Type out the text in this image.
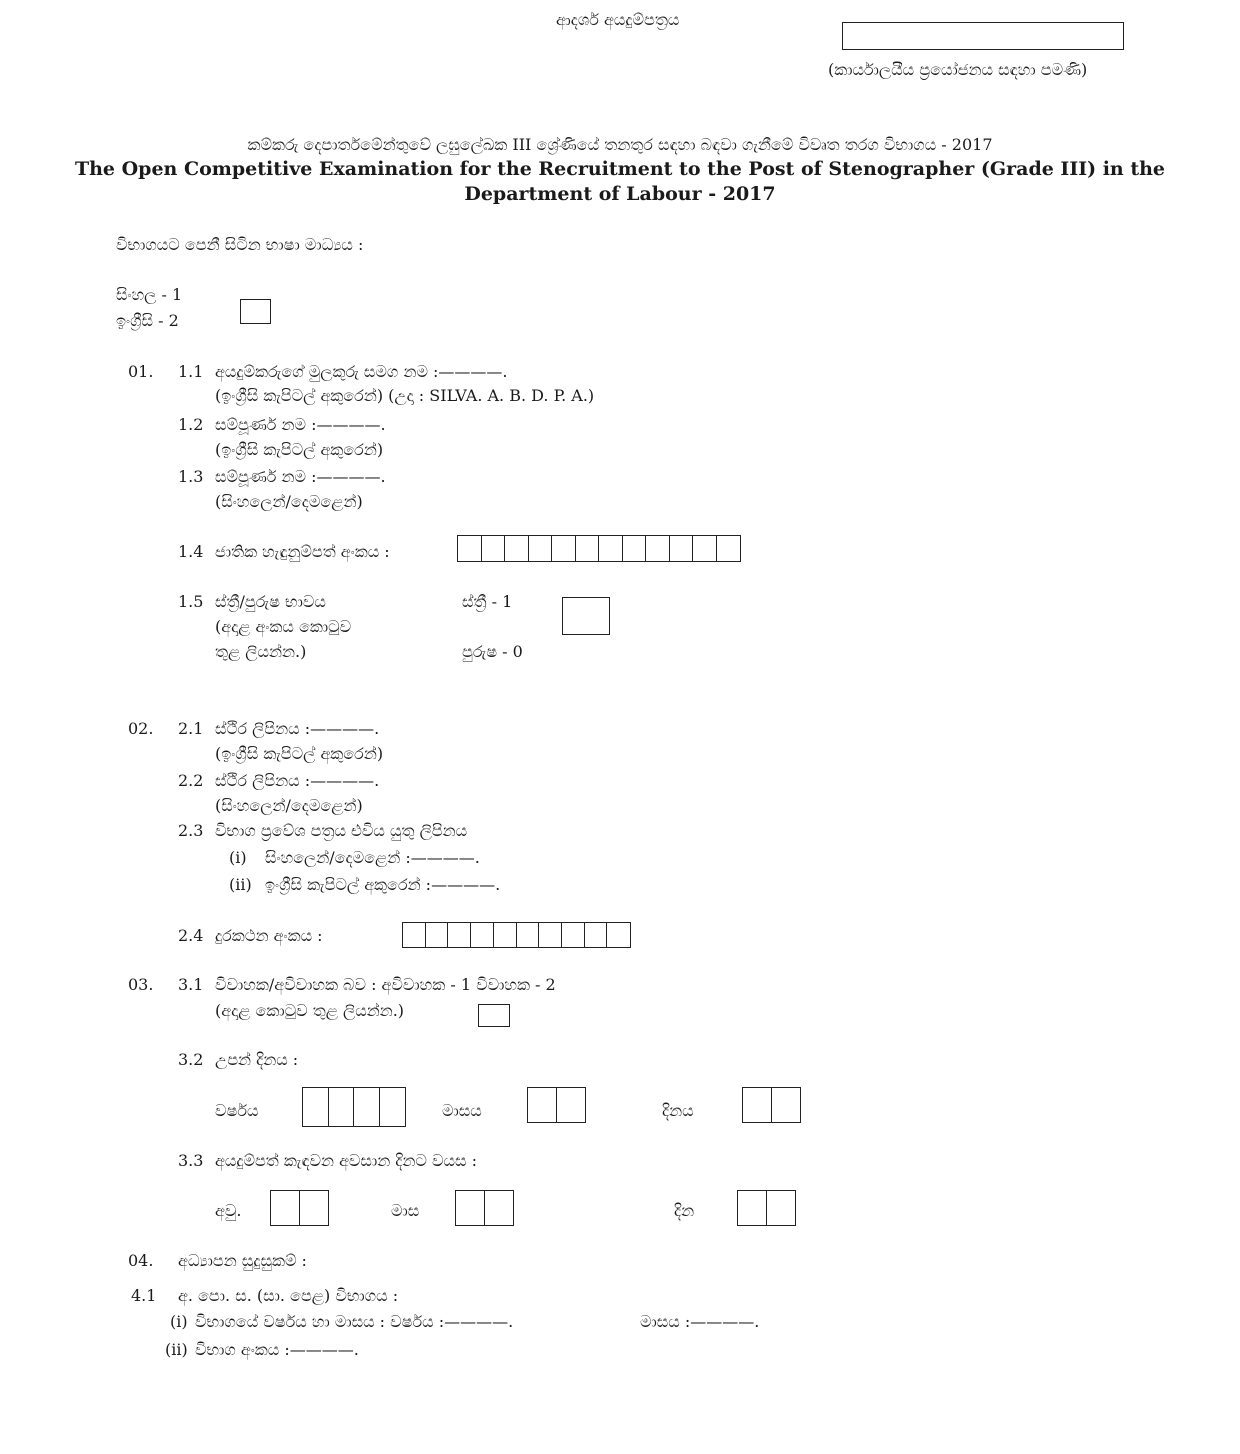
ආදර්ශ අයදුම්පත්‍රය
(කාර්යාලයීය ප්‍රයෝජනය සඳහා පමණි)
කම්කරු දෙපාර්තමේන්තුවේ ලඝුලේඛක III ශ්‍රේණියේ තනතුර සඳහා බඳවා ගැනීමේ විවෘත තරග විභාගය - 2017
The Open Competitive Examination for the Recruitment to the Post of Stenographer (Grade III) in the
Department of Labour - 2017
විභාගයට පෙනී සිටින භාෂා මාධ්‍යය :
සිංහල - 1
ඉංග්‍රීසි - 2
01. 1.1 අයදුම්කරුගේ මුලකුරු සමග නම :————.
(ඉංග්‍රීසි කැපිටල් අකුරෙන්) (උදා : SILVA. A. B. D. P. A.)
1.2 සම්පූර්ණ නම :————.
(ඉංග්‍රීසි කැපිටල් අකුරෙන්)
1.3 සම්පූර්ණ නම :————.
(සිංහලෙන්/දෙමළෙන්)
1.4 ජාතික හැඳුනුම්පත් අංකය :
1.5 ස්ත්‍රී/පුරුෂ භාවය
(අදාළ අංකය කොටුව
තුළ ලියන්න.)
ස්ත්‍රී - 1
පුරුෂ - 0
02. 2.1 ස්ථිර ලිපිනය :————.
(ඉංග්‍රීසි කැපිටල් අකුරෙන්)
2.2 ස්ථිර ලිපිනය :————.
(සිංහලෙන්/දෙමළෙන්)
2.3 විභාග ප්‍රවේශ පත්‍රය එවිය යුතු ලිපිනය
(i) සිංහලෙන්/දෙමළෙන් :————.
(ii) ඉංග්‍රීසි කැපිටල් අකුරෙන් :————.
2.4 දුරකථන අංකය :
03. 3.1 විවාහක/අවිවාහක බව : අවිවාහක - 1 විවාහක - 2
(අදාළ කොටුව තුළ ලියන්න.)
3.2 උපන් දිනය :
වර්ෂය	මාසය	දිනය
3.3 අයදුම්පත් කැඳවන අවසාන දිනට වයස :
අවු.	මාස	දින
04. අධ්‍යාපන සුදුසුකම් :
4.1 අ. පො. ස. (සා. පෙළ) විභාගය :
(i) විභාගයේ වර්ෂය හා මාසය : වර්ෂය :————.	මාසය :————.
(ii) විභාග අංකය :————.
